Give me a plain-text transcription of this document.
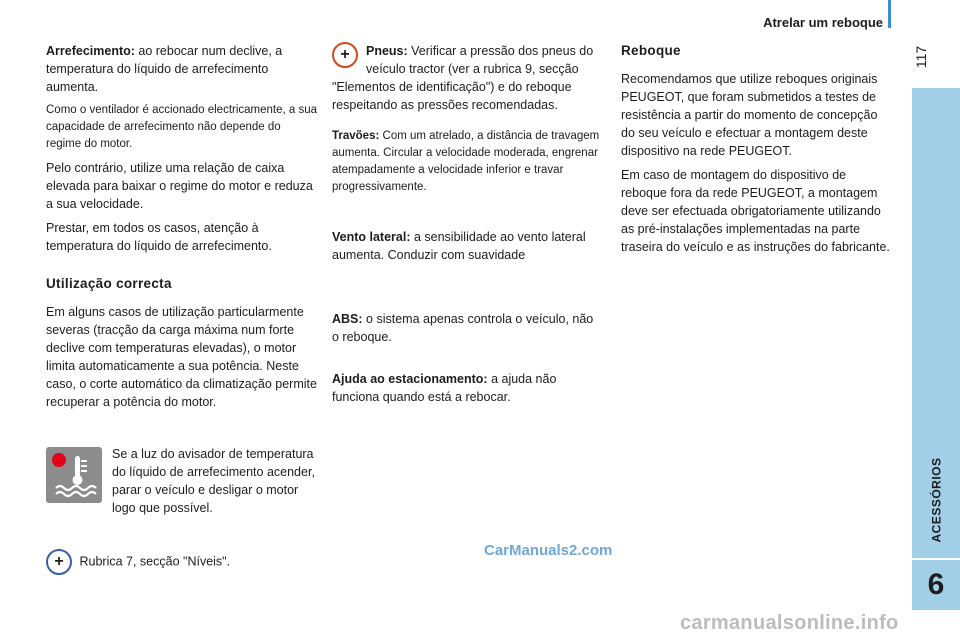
Atrelar um reboque
117
ACESSÓRIOS
6

Arrefecimento: ao rebocar num declive, a temperatura do líquido de arrefecimento aumenta.

Como o ventilador é accionado electricamente, a sua capacidade de arrefecimento não depende do regime do motor.

Pelo contrário, utilize uma relação de caixa elevada para baixar o regime do motor e reduza a sua velocidade.

Prestar, em todos os casos, atenção à temperatura do líquido de arrefecimento.

Utilização correcta

Em alguns casos de utilização particularmente severas (tracção da carga máxima num forte declive com temperaturas elevadas), o motor limita automaticamente a sua potência. Neste caso, o corte automático da climatização permite recuperar a potência do motor.

Se a luz do avisador de temperatura do líquido de arrefecimento acender, parar o veículo e desligar o motor logo que possível.
+ Rubrica 7, secção "Níveis".

+ Pneus: Verificar a pressão dos pneus do veículo tractor (ver a rubrica 9, secção "Elementos de identificação") e do reboque respeitando as pressões recomendadas.

Travões: Com um atrelado, a distância de travagem aumenta. Circular a velocidade moderada, engrenar atempadamente a velocidade inferior e travar progressivamente.

Vento lateral: a sensibilidade ao vento lateral aumenta. Conduzir com suavidade

ABS: o sistema apenas controla o veículo, não o reboque.

Ajuda ao estacionamento: a ajuda não funciona quando está a rebocar.

Reboque

Recomendamos que utilize reboques originais PEUGEOT, que foram submetidos a testes de resistência a partir do momento de concepção do seu veículo e efectuar a montagem deste dispositivo na rede PEUGEOT.

Em caso de montagem do dispositivo de reboque fora da rede PEUGEOT, a montagem deve ser efectuada obrigatoriamente utilizando as pré-instalações implementadas na parte traseira do veículo e as instruções do fabricante.

CarManuals2.com
carmanualsonline.info
